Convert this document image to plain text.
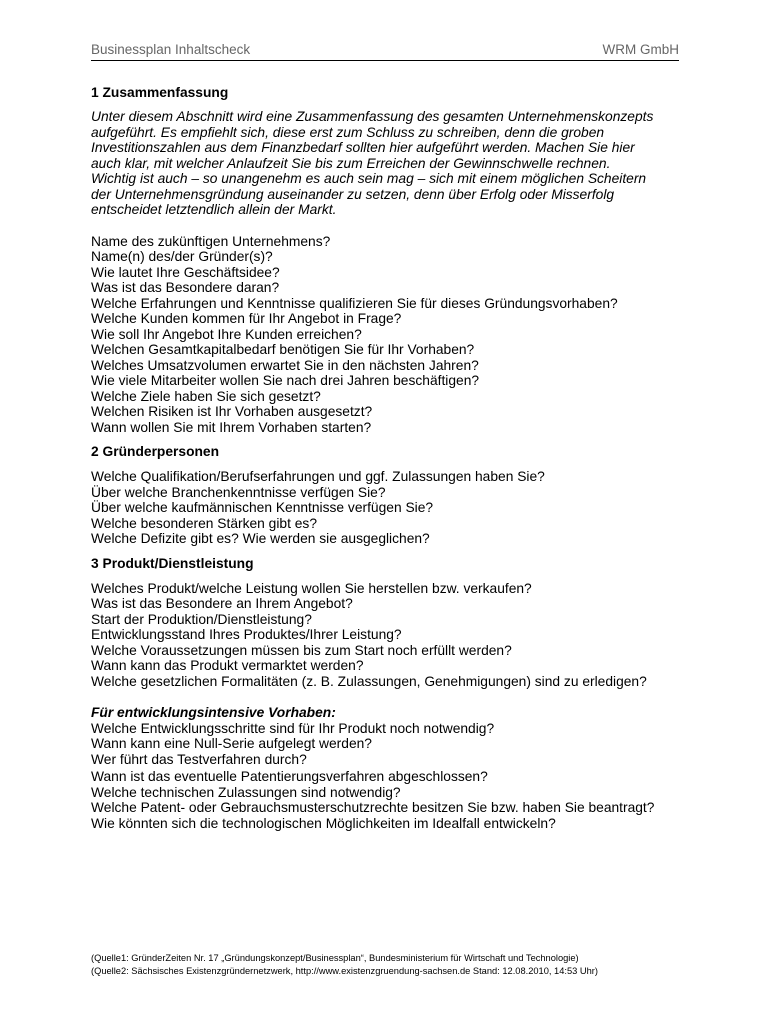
Businessplan Inhaltscheck	WRM GmbH
1 Zusammenfassung
Unter diesem Abschnitt wird eine Zusammenfassung des gesamten Unternehmenskonzepts
aufgeführt. Es empfiehlt sich, diese erst zum Schluss zu schreiben, denn die groben
Investitionszahlen aus dem Finanzbedarf sollten hier aufgeführt werden. Machen Sie hier
auch klar, mit welcher Anlaufzeit Sie bis zum Erreichen der Gewinnschwelle rechnen.
Wichtig ist auch – so unangenehm es auch sein mag – sich mit einem möglichen Scheitern
der Unternehmensgründung auseinander zu setzen, denn über Erfolg oder Misserfolg
entscheidet letztendlich allein der Markt.
Name des zukünftigen Unternehmens?
Name(n) des/der Gründer(s)?
Wie lautet Ihre Geschäftsidee?
Was ist das Besondere daran?
Welche Erfahrungen und Kenntnisse qualifizieren Sie für dieses Gründungsvorhaben?
Welche Kunden kommen für Ihr Angebot in Frage?
Wie soll Ihr Angebot Ihre Kunden erreichen?
Welchen Gesamtkapitalbedarf benötigen Sie für Ihr Vorhaben?
Welches Umsatzvolumen erwartet Sie in den nächsten Jahren?
Wie viele Mitarbeiter wollen Sie nach drei Jahren beschäftigen?
Welche Ziele haben Sie sich gesetzt?
Welchen Risiken ist Ihr Vorhaben ausgesetzt?
Wann wollen Sie mit Ihrem Vorhaben starten?
2 Gründerpersonen
Welche Qualifikation/Berufserfahrungen und ggf. Zulassungen haben Sie?
Über welche Branchenkenntnisse verfügen Sie?
Über welche kaufmännischen Kenntnisse verfügen Sie?
Welche besonderen Stärken gibt es?
Welche Defizite gibt es? Wie werden sie ausgeglichen?
3 Produkt/Dienstleistung
Welches Produkt/welche Leistung wollen Sie herstellen bzw. verkaufen?
Was ist das Besondere an Ihrem Angebot?
Start der Produktion/Dienstleistung?
Entwicklungsstand Ihres Produktes/Ihrer Leistung?
Welche Voraussetzungen müssen bis zum Start noch erfüllt werden?
Wann kann das Produkt vermarktet werden?
Welche gesetzlichen Formalitäten (z. B. Zulassungen, Genehmigungen) sind zu erledigen?
Für entwicklungsintensive Vorhaben:
Welche Entwicklungsschritte sind für Ihr Produkt noch notwendig?
Wann kann eine Null-Serie aufgelegt werden?
Wer führt das Testverfahren durch?
Wann ist das eventuelle Patentierungsverfahren abgeschlossen?
Welche technischen Zulassungen sind notwendig?
Welche Patent- oder Gebrauchsmusterschutzrechte besitzen Sie bzw. haben Sie beantragt?
Wie könnten sich die technologischen Möglichkeiten im Idealfall entwickeln?
(Quelle1: GründerZeiten Nr. 17 „Gründungskonzept/Businessplan“, Bundesministerium für Wirtschaft und Technologie)
(Quelle2: Sächsisches Existenzgründernetzwerk, http://www.existenzgruendung-sachsen.de Stand: 12.08.2010, 14:53 Uhr)
